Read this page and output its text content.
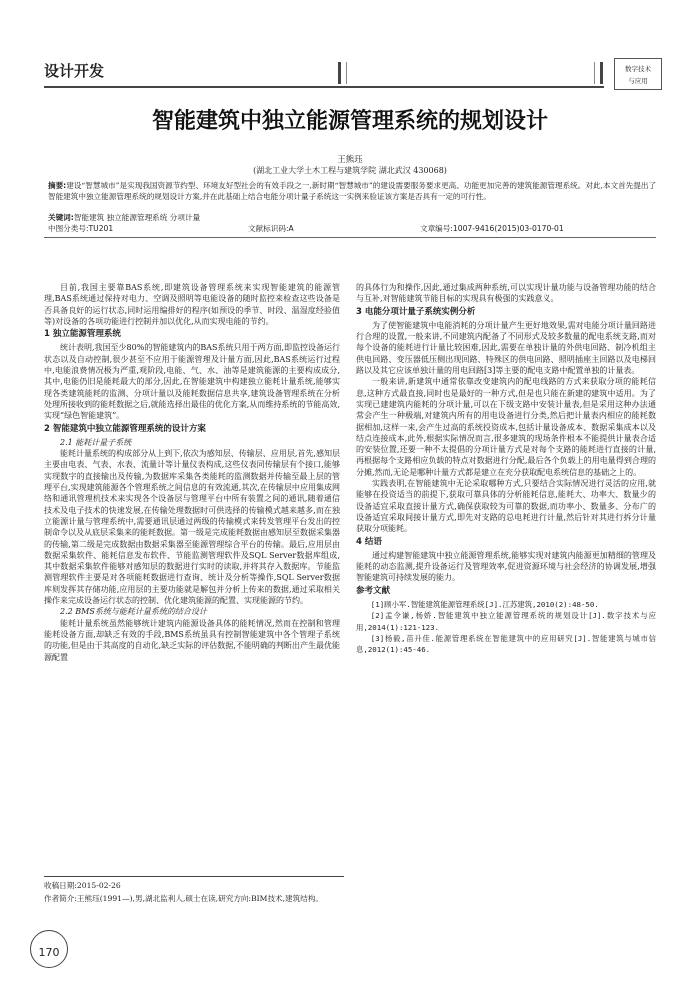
设计开发	数字技术
与应用
智能建筑中独立能源管理系统的规划设计
王熊珏
(湖北工业大学土木工程与建筑学院 湖北武汉 430068)
摘要:建设“智慧城市”是实现我国资源节约型、环境友好型社会的有效手段之一,新时期“智慧城市”的建设需要服务要求更高、功能更加完善的建筑能源管理系统。对此,本文首先提出了智能建筑中独立能源管理系统的规划设计方案,并在此基础上结合电能分项计量子系统这一实例来验证该方案是否具有一定的可行性。
关键词:智能建筑 独立能源管理系统 分项计量
中图分类号:TU201	文献标识码:A	文章编号:1007-9416(2015)03-0170-01

目前,我国主要靠BAS系统,即建筑设备管理系统来实现智能建筑的能源管理,BAS系统通过保持对电力、空调及照明等电能设备的随时监控来检查这些设备是否具备良好的运行状态,同时运用编排好的程序(如预设的季节、时段、温湿度经验值等)对设备的各项功能进行控制并加以优化,从而实现电能的节约。

1 独立能源管理系统

统计表明,我国至少80%的智能建筑内的BAS系统只用于两方面,即监控设备运行状态以及自动控制,很少甚至不应用于能源管理及计量方面,因此,BAS系统运行过程中,电能浪费情况极为严重,观阶段,电能、气、水、油等是建筑能源的主要构成成分,其中,电能仍旧是能耗最大的部分,因此,在智能建筑中构建独立能耗计量系统,能够实现各类建筑能耗的监测、分项计量以及能耗数据信息共享,建筑设备管理系统在分析处理所接收到的能耗数据之后,就能选择出最佳的优化方案,从而维持系统的节能高效,实现“绿色智能建筑”。

2 智能建筑中独立能源管理系统的设计方案

2.1 能耗计量子系统

能耗计量系统的构成部分从上到下,依次为感知层、传输层、应用层,首先,感知层主要由电表、气表、水表、流量计等计量仪表构成,这些仪表同传输层有个接口,能够实现数字的直接输出及传输,为数据库采集各类能耗的监测数据并传输至最上层的管理平台,实现建筑能源各个管理系统之间信息的有效流通,其次,在传输层中应用集成网络和通讯管理机技术来实现各个设备层与管理平台中所有装置之间的通讯,随着通信技术及电子技术的快速发展,在传输处理数据时可供选择的传输模式越来越多,而在独立能源计量与管理系统中,需要通讯层通过两级的传输模式来转发管理平台发出的控制命令以及从底层采集来的能耗数据。第一级是完成能耗数据由感知层至数据采集器的传输,第二级是完成数据由数据采集器至能源管理综合平台的传输。最后,应用层由数据采集软件、能耗信息发布软件、节能监测管理软件及SQL Server数据库组成,其中数据采集软件能够对感知层的数据进行实时的读取,并将其存入数据库。节能监测管理软件主要是对各项能耗数据进行查询、统计及分析等操作,SQL Server数据库则发挥其存储功能,应用层的主要功能就是解包并分析上传来的数据,通过采取相关操作来完成设备运行状态的控制、优化建筑能源的配置、实现能源的节约。

2.2 BMS系统与能耗计量系统的结合设计

能耗计量系统虽然能够统计建筑内能源设备具体的能耗情况,然而在控制和管理能耗设备方面,却缺乏有效的手段,BMS系统虽具有控制智能建筑中各个管理子系统的功能,但是由于其高度的自动化,缺乏实际的评估数据,不能明确的判断出产生最优能源配置

的具体行为和操作,因此,通过集成两种系统,可以实现计量功能与设备管理功能的结合与互补,对智能建筑节能目标的实现具有极强的实践意义。

3 电能分项计量子系统实例分析

为了使智能建筑中电能消耗的分项计量产生更好地效果,需对电能分项计量回路进行合理的设置,一般来讲,不同建筑内配备了不同形式及较多数量的配电系统支路,而对每个设备的能耗进行计量比较困难,因此,需要在单独计量的外供电回路、制冷机组主供电回路、变压器低压侧出现回路、特殊区的供电回路、照明插座主回路以及电梯回路以及其它应该单独计量的用电回路[3]等主要的配电支路中配置单独的计量表。

一般来讲,新建筑中通常依靠改变建筑内的配电线路的方式来获取分项的能耗信息,这种方式最直接,同时也是最好的一种方式,但是也只能在新建的建筑中适用。为了实现已建建筑内能耗的分项计量,可以在下级支路中安装计量表,但是采用这种办法通常会产生一种极端,对建筑内所有的用电设备进行分类,然后把计量表内相应的能耗数据相加,这样一来,会产生过高的系统投资成本,包括计量设备成本、数据采集成本以及结点连接成本,此外,根据实际情况而言,很多建筑的现场条件根本不能提供计量表合适的安装位置,还要一种不太提倡的分项计量方式是对每个支路的能耗进行直接的计量,再根据每个支路相应负载的特点对数据进行分配,最后各个负载上的用电量得到合理的分摊,然而,无论是哪种计量方式都是建立在充分获取配电系统信息的基础之上的。

实践表明,在智能建筑中无论采取哪种方式,只要结合实际情况进行灵活的应用,就能够在投资适当的前提下,获取可靠具体的分析能耗信息,能耗大、功率大、数量少的设备适宜采取直接计量方式,确保获取较为可靠的数据,而功率小、数量多、分布广的设备适宜采取间接计量方式,即先对支路的总电耗进行计量,然后针对其进行拆分计量获取分项能耗。

4 结语

通过构建智能建筑中独立能源管理系统,能够实现对建筑内能源更加精细的管理及能耗的动态监测,提升设备运行及管理效率,促进资源环境与社会经济的协调发展,增强智能建筑可持续发展的能力。

参考文献

[1]顾小军.智能建筑能源管理系统[J].江苏建筑,2010(2):48-50.

[2]孟令谦,杨娇.智能建筑中独立能源管理系统的规划设计[J].数字技术与应用,2014(1):121-123.

[3]杨毅,苗升佳.能源管理系统在智能建筑中的应用研究[J].智能建筑与城市信息,2012(1):45-46.

收稿日期:2015-02-26
作者简介:王熊珏(1991—),男,湖北监利人,硕士在读,研究方向:BIM技术,建筑结构。
170
